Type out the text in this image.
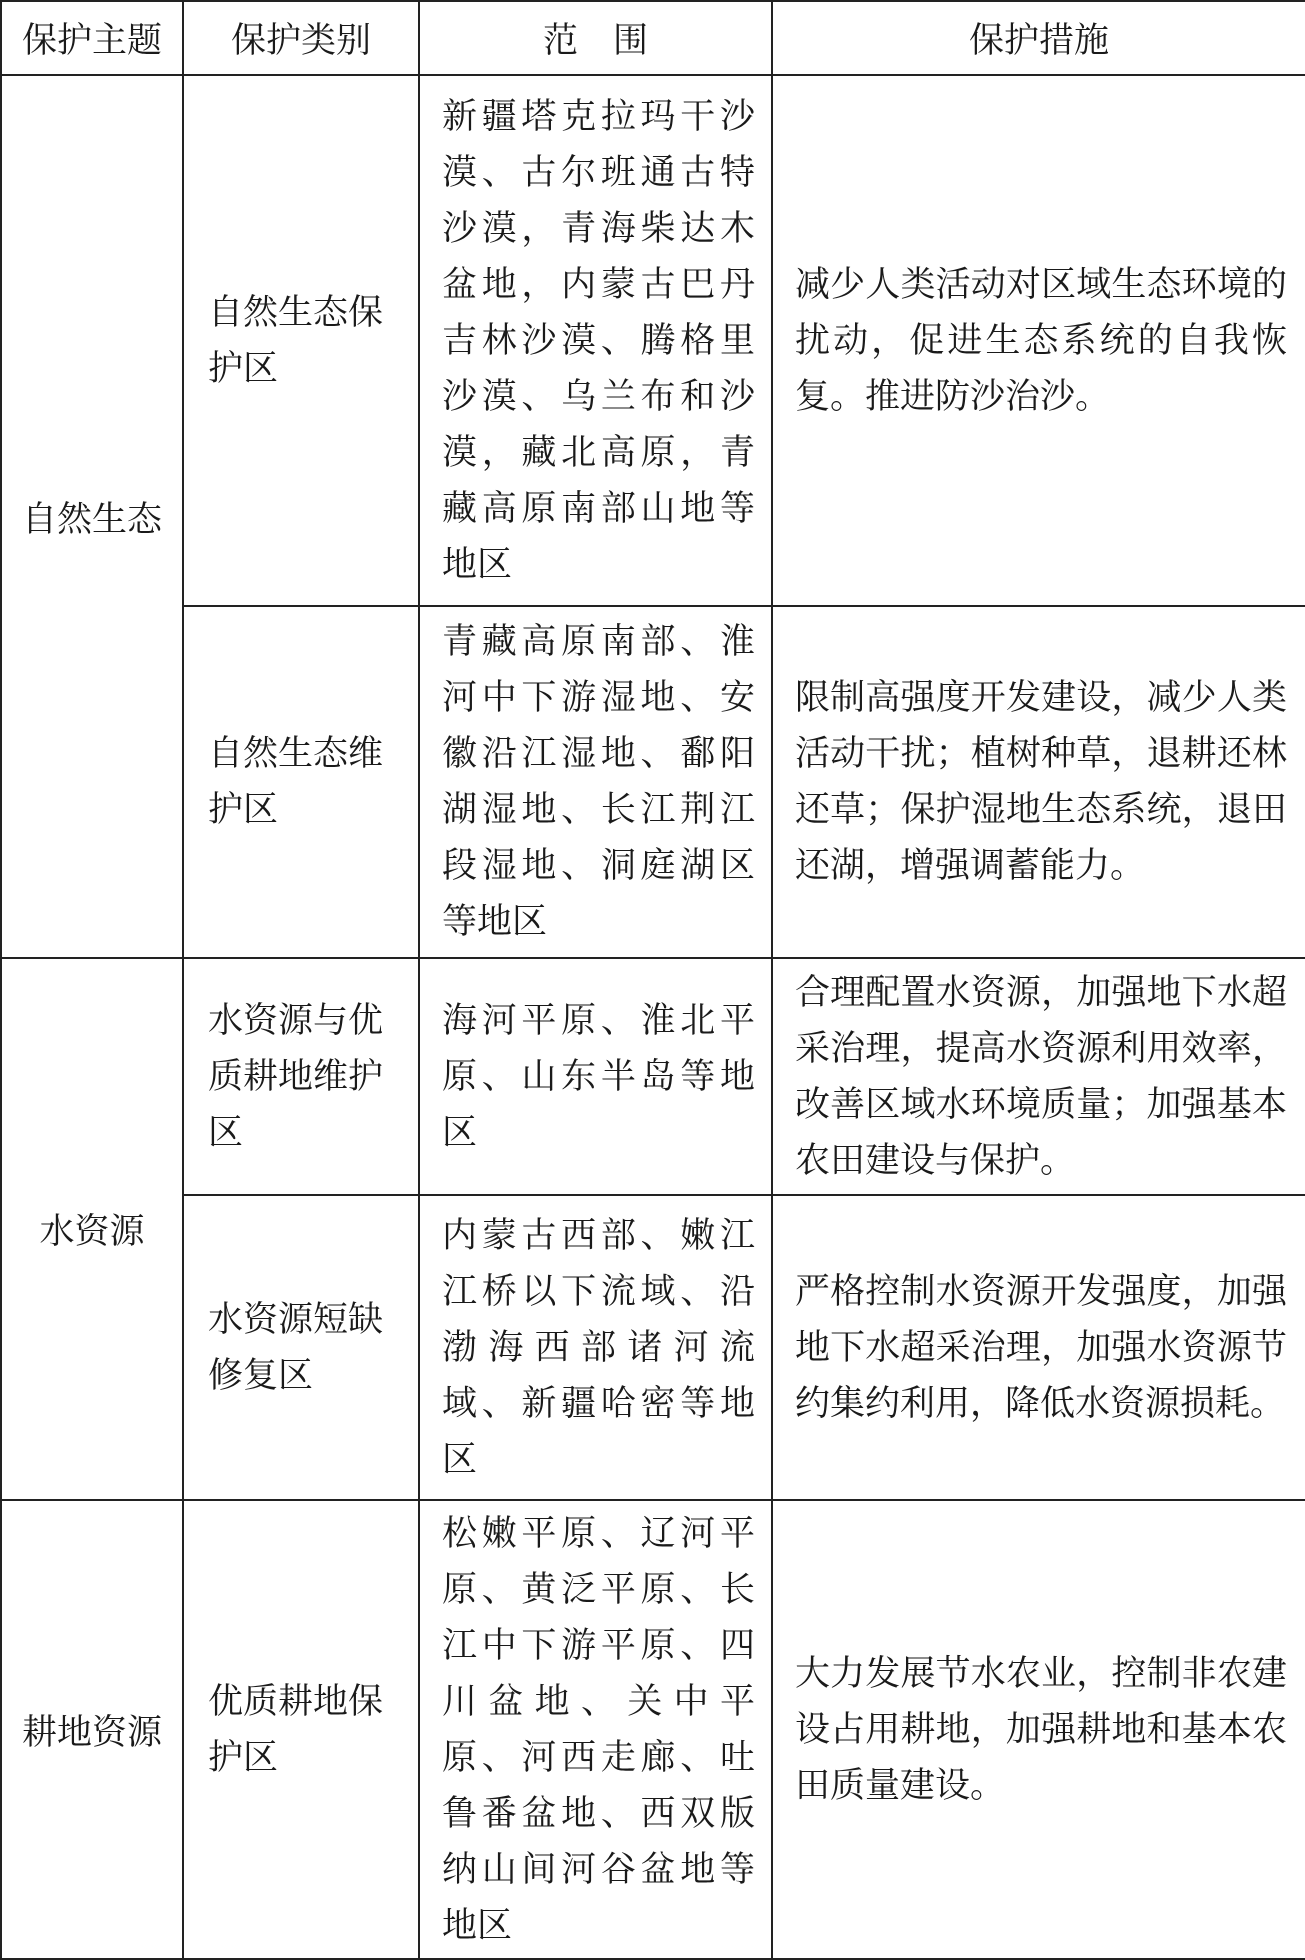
保护主题	保护类别	范　围	保护措施
自然生态	自然生态保护区	新疆塔克拉玛干沙漠、古尔班通古特沙漠，青海柴达木盆地，内蒙古巴丹吉林沙漠、腾格里沙漠、乌兰布和沙漠，藏北高原，青藏高原南部山地等地区	减少人类活动对区域生态环境的扰动，促进生态系统的自我恢复。推进防沙治沙。
	自然生态维护区	青藏高原南部、淮河中下游湿地、安徽沿江湿地、鄱阳湖湿地、长江荆江段湿地、洞庭湖区等地区	限制高强度开发建设，减少人类活动干扰；植树种草，退耕还林还草；保护湿地生态系统，退田还湖，增强调蓄能力。
水资源	水资源与优质耕地维护区	海河平原、淮北平原、山东半岛等地区	合理配置水资源，加强地下水超采治理，提高水资源利用效率，改善区域水环境质量；加强基本农田建设与保护。
	水资源短缺修复区	内蒙古西部、嫩江江桥以下流域、沿渤海西部诸河流域、新疆哈密等地区	严格控制水资源开发强度，加强地下水超采治理，加强水资源节约集约利用，降低水资源损耗。
耕地资源	优质耕地保护区	松嫩平原、辽河平原、黄泛平原、长江中下游平原、四川盆地、关中平原、河西走廊、吐鲁番盆地、西双版纳山间河谷盆地等地区	大力发展节水农业，控制非农建设占用耕地，加强耕地和基本农田质量建设。
